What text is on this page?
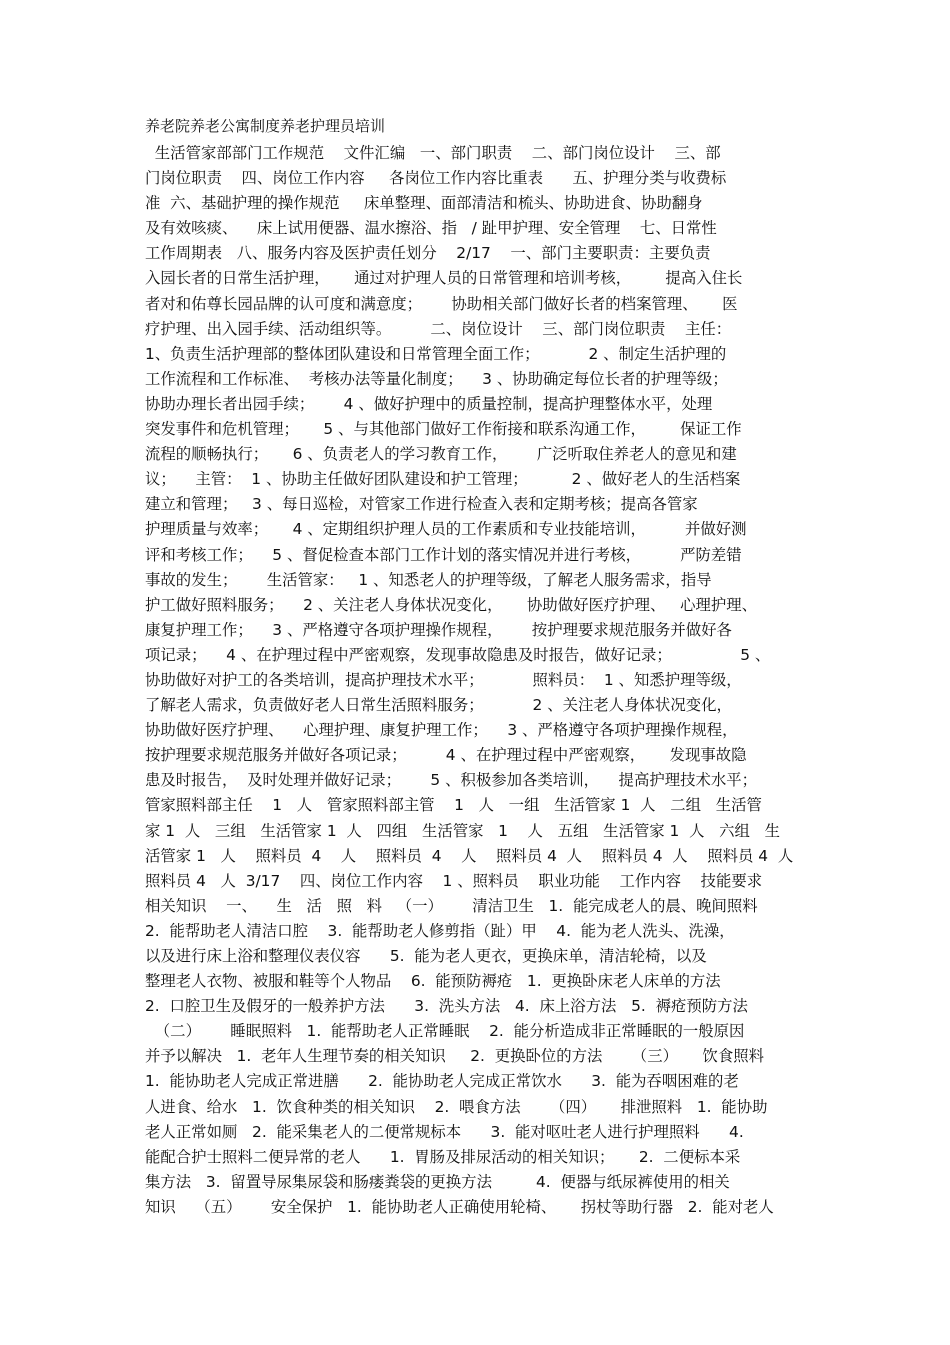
养老院养老公寓制度养老护理员培训
生活管家部部门工作规范    文件汇编   一、部门职责    二、部门岗位设计    三、部
门岗位职责    四、岗位工作内容     各岗位工作内容比重表      五、护理分类与收费标
准  六、基础护理的操作规范     床单整理、面部清洁和梳头、协助进食、协助翻身
及有效咳痰、    床上试用便器、温水擦浴、指   / 趾甲护理、安全管理    七、日常性
工作周期表   八、服务内容及医护责任划分    2/17    一、部门主要职责：主要负责
入园长者的日常生活护理，     通过对护理人员的日常管理和培训考核，       提高入住长
者对和佑尊长园品牌的认可度和满意度；      协助相关部门做好长者的档案管理、     医
疗护理、出入园手续、活动组织等。        二、岗位设计    三、部门岗位职责    主任：
1、负责生活护理部的整体团队建设和日常管理全面工作；          2 、制定生活护理的
工作流程和工作标准、  考核办法等量化制度；    3 、协助确定每位长者的护理等级；
协助办理长者出园手续；      4 、做好护理中的质量控制，提高护理整体水平，处理
突发事件和危机管理；     5 、与其他部门做好工作衔接和联系沟通工作，       保证工作
流程的顺畅执行；     6 、负责老人的学习教育工作，      广泛听取住养老人的意见和建
议；    主管：  1 、协助主任做好团队建设和护工管理；         2 、做好老人的生活档案
建立和管理；   3 、每日巡检，对管家工作进行检查入表和定期考核；提高各管家
护理质量与效率；     4 、定期组织护理人员的工作素质和专业技能培训，        并做好测
评和考核工作；    5 、督促检查本部门工作计划的落实情况并进行考核，        严防差错
事故的发生；      生活管家：   1 、知悉老人的护理等级，了解老人服务需求，指导
护工做好照料服务；    2 、关注老人身体状况变化，     协助做好医疗护理、   心理护理、
康复护理工作；    3 、严格遵守各项护理操作规程，      按护理要求规范服务并做好各
项记录；    4 、在护理过程中严密观察，发现事故隐患及时报告，做好记录；              5 、
协助做好对护工的各类培训，提高护理技术水平；          照料员：  1 、知悉护理等级，
了解老人需求，负责做好老人日常生活照料服务；          2 、关注老人身体状况变化，
协助做好医疗护理、    心理护理、康复护理工作；    3 、严格遵守各项护理操作规程，
按护理要求规范服务并做好各项记录；        4 、在护理过程中严密观察，     发现事故隐
患及时报告，  及时处理并做好记录；      5 、积极参加各类培训，    提高护理技术水平；
管家照料部主任    1   人   管家照料部主管    1   人   一组   生活管家 1  人   二组   生活管
家 1  人   三组   生活管家 1  人   四组   生活管家   1    人   五组   生活管家 1  人   六组   生
活管家 1   人    照料员  4    人    照料员  4    人    照料员 4  人    照料员 4  人    照料员 4  人
照料员 4   人  3/17    四、岗位工作内容    1 、照料员    职业功能    工作内容    技能要求
相关知识    一、    生   活   照   料   （一）      清洁卫生   1.  能完成老人的晨、晚间照料
2.  能帮助老人清洁口腔    3.  能帮助老人修剪指（趾）甲    4.  能为老人洗头、洗澡，
以及进行床上浴和整理仪表仪容      5.  能为老人更衣，更换床单，清洁轮椅，以及
整理老人衣物、被服和鞋等个人物品    6.  能预防褥疮   1.  更换卧床老人床单的方法
2.  口腔卫生及假牙的一般养护方法      3.  洗头方法   4.  床上浴方法   5.  褥疮预防方法
（二）      睡眠照料   1.  能帮助老人正常睡眠    2.  能分析造成非正常睡眠的一般原因
并予以解决   1.  老年人生理节奏的相关知识     2.  更换卧位的方法      （三）     饮食照料
1.  能协助老人完成正常进膳      2.  能协助老人完成正常饮水      3.  能为吞咽困难的老
人进食、给水   1.  饮食种类的相关知识    2.  喂食方法      （四）     排泄照料   1.  能协助
老人正常如厕   2.  能采集老人的二便常规标本      3.  能对呕吐老人进行护理照料      4.
能配合护士照料二便异常的老人      1.  胃肠及排尿活动的相关知识；     2.  二便标本采
集方法   3.  留置导尿集尿袋和肠瘘粪袋的更换方法         4.  便器与纸尿裤使用的相关
知识    （五）      安全保护   1.  能协助老人正确使用轮椅、     拐杖等助行器   2.  能对老人
